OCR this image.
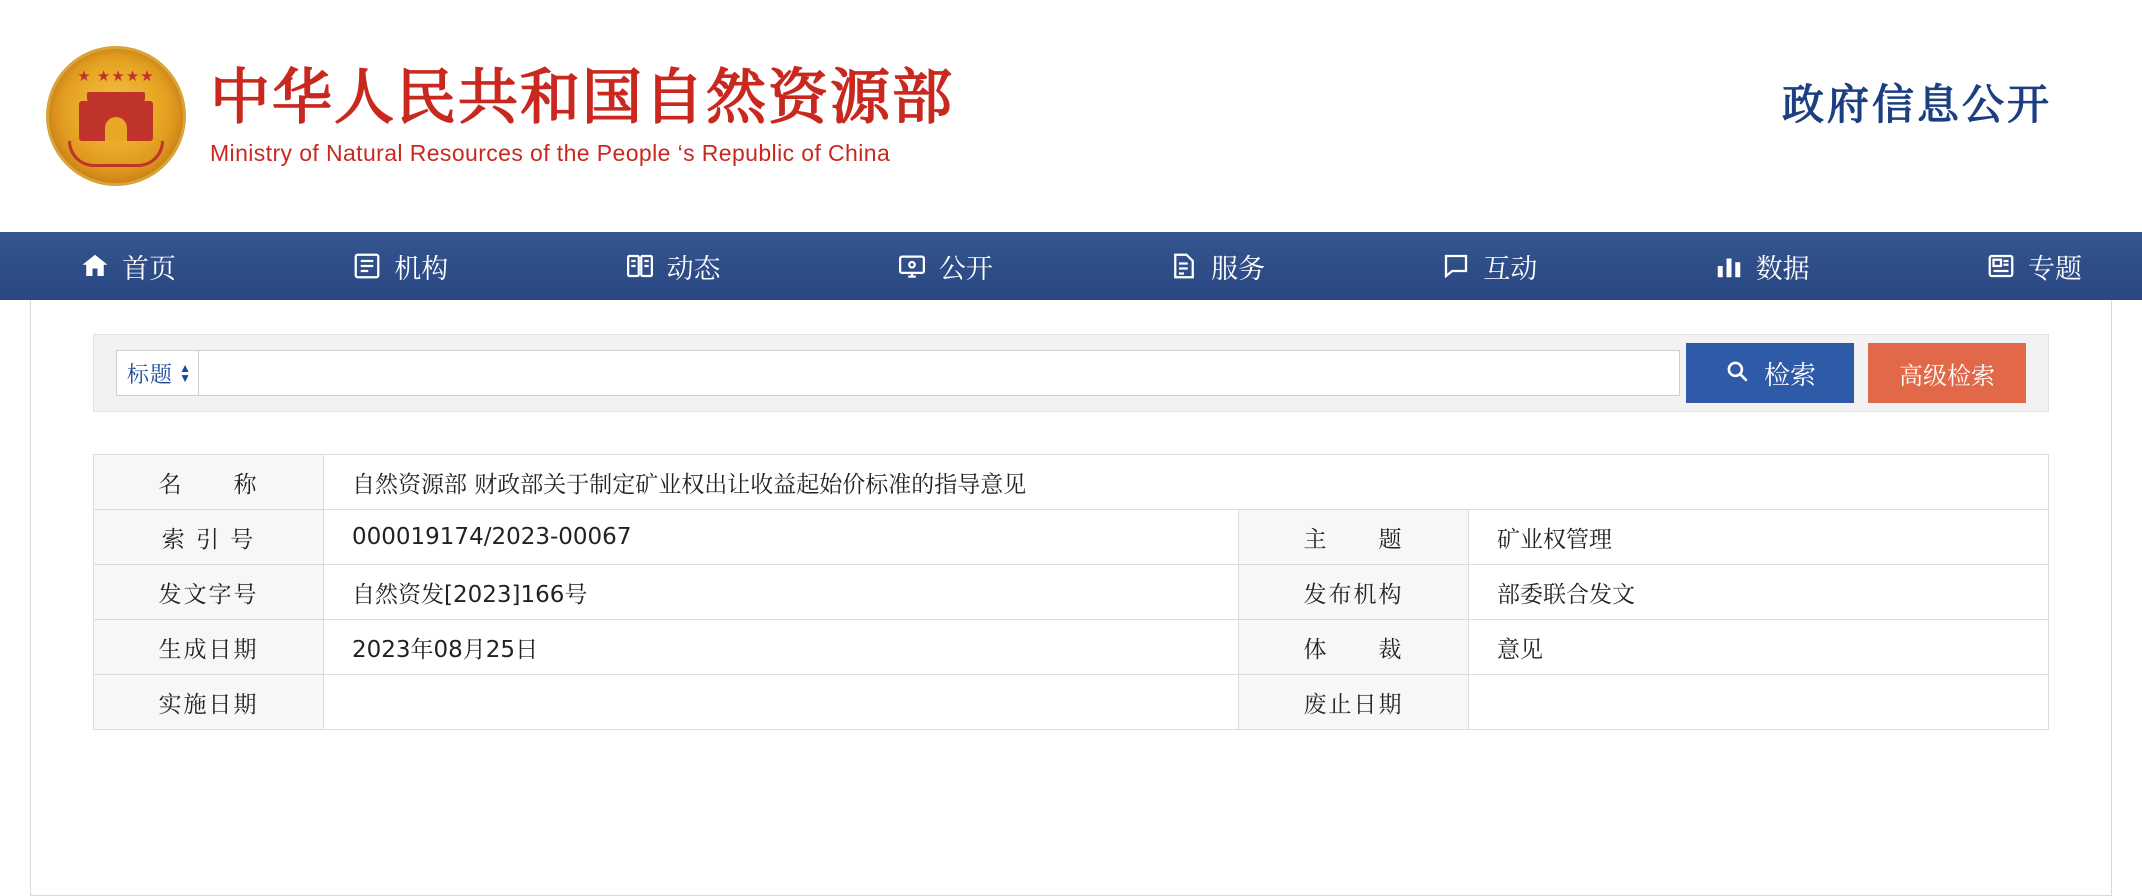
★ ★★★★ 中华人民共和国自然资源部
Ministry of Natural Resources of the People ‘s Republic of China
政府信息公开
首页	机构	动态	公开	服务	互动	数据	专题
标题 ▲
▼	检索	高级检索
名　　称	自然资源部 财政部关于制定矿业权出让收益起始价标准的指导意见		
索 引 号	000019174/2023-00067	主　　题	矿业权管理
发文字号	自然资发[2023]166号	发布机构	部委联合发文
生成日期	2023年08月25日	体　　裁	意见
实施日期		废止日期	
